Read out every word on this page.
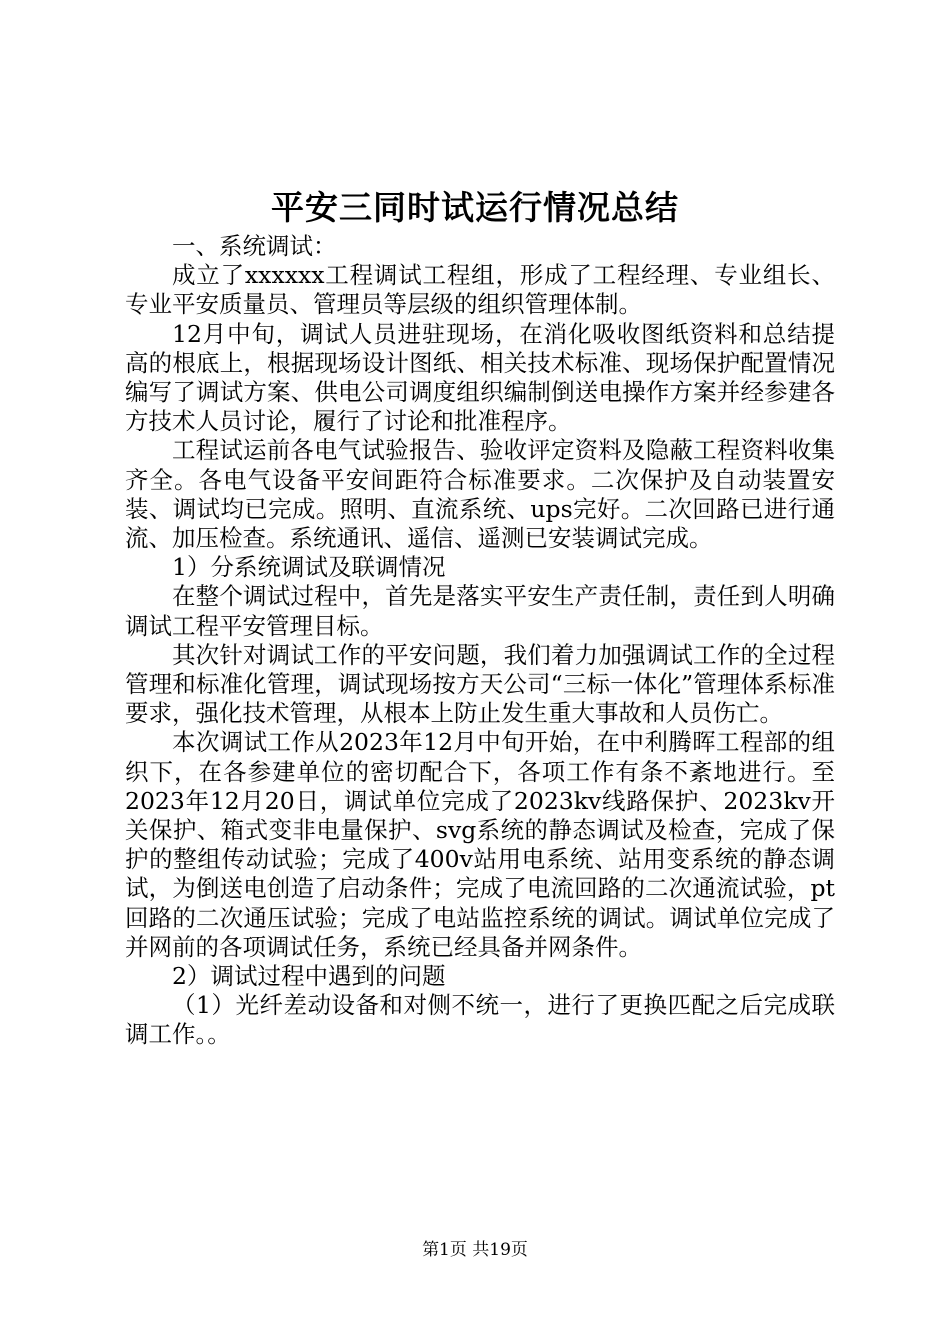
平安三同时试运行情况总结

一、系统调试：

成立了xxxxxx工程调试工程组，形成了工程经理、专业组长、专业平安质量员、管理员等层级的组织管理体制。

12月中旬，调试人员进驻现场，在消化吸收图纸资料和总结提高的根底上，根据现场设计图纸、相关技术标准、现场保护配置情况编写了调试方案、供电公司调度组织编制倒送电操作方案并经参建各方技术人员讨论，履行了讨论和批准程序。

工程试运前各电气试验报告、验收评定资料及隐蔽工程资料收集齐全。各电气设备平安间距符合标准要求。二次保护及自动装置安装、调试均已完成。照明、直流系统、ups完好。二次回路已进行通流、加压检查。系统通讯、遥信、遥测已安装调试完成。

1）分系统调试及联调情况

在整个调试过程中，首先是落实平安生产责任制，责任到人明确调试工程平安管理目标。

其次针对调试工作的平安问题，我们着力加强调试工作的全过程管理和标准化管理，调试现场按方天公司“三标一体化”管理体系标准要求，强化技术管理，从根本上防止发生重大事故和人员伤亡。

本次调试工作从2023年12月中旬开始，在中利腾晖工程部的组织下，在各参建单位的密切配合下，各项工作有条不紊地进行。至2023年12月20日，调试单位完成了2023kv线路保护、2023kv开关保护、箱式变非电量保护、svg系统的静态调试及检查，完成了保护的整组传动试验；完成了400v站用电系统、站用变系统的静态调试，为倒送电创造了启动条件；完成了电流回路的二次通流试验，pt回路的二次通压试验；完成了电站监控系统的调试。调试单位完成了并网前的各项调试任务，系统已经具备并网条件。

2）调试过程中遇到的问题

（1）光纤差动设备和对侧不统一，进行了更换匹配之后完成联调工作。。

第1页 共19页
